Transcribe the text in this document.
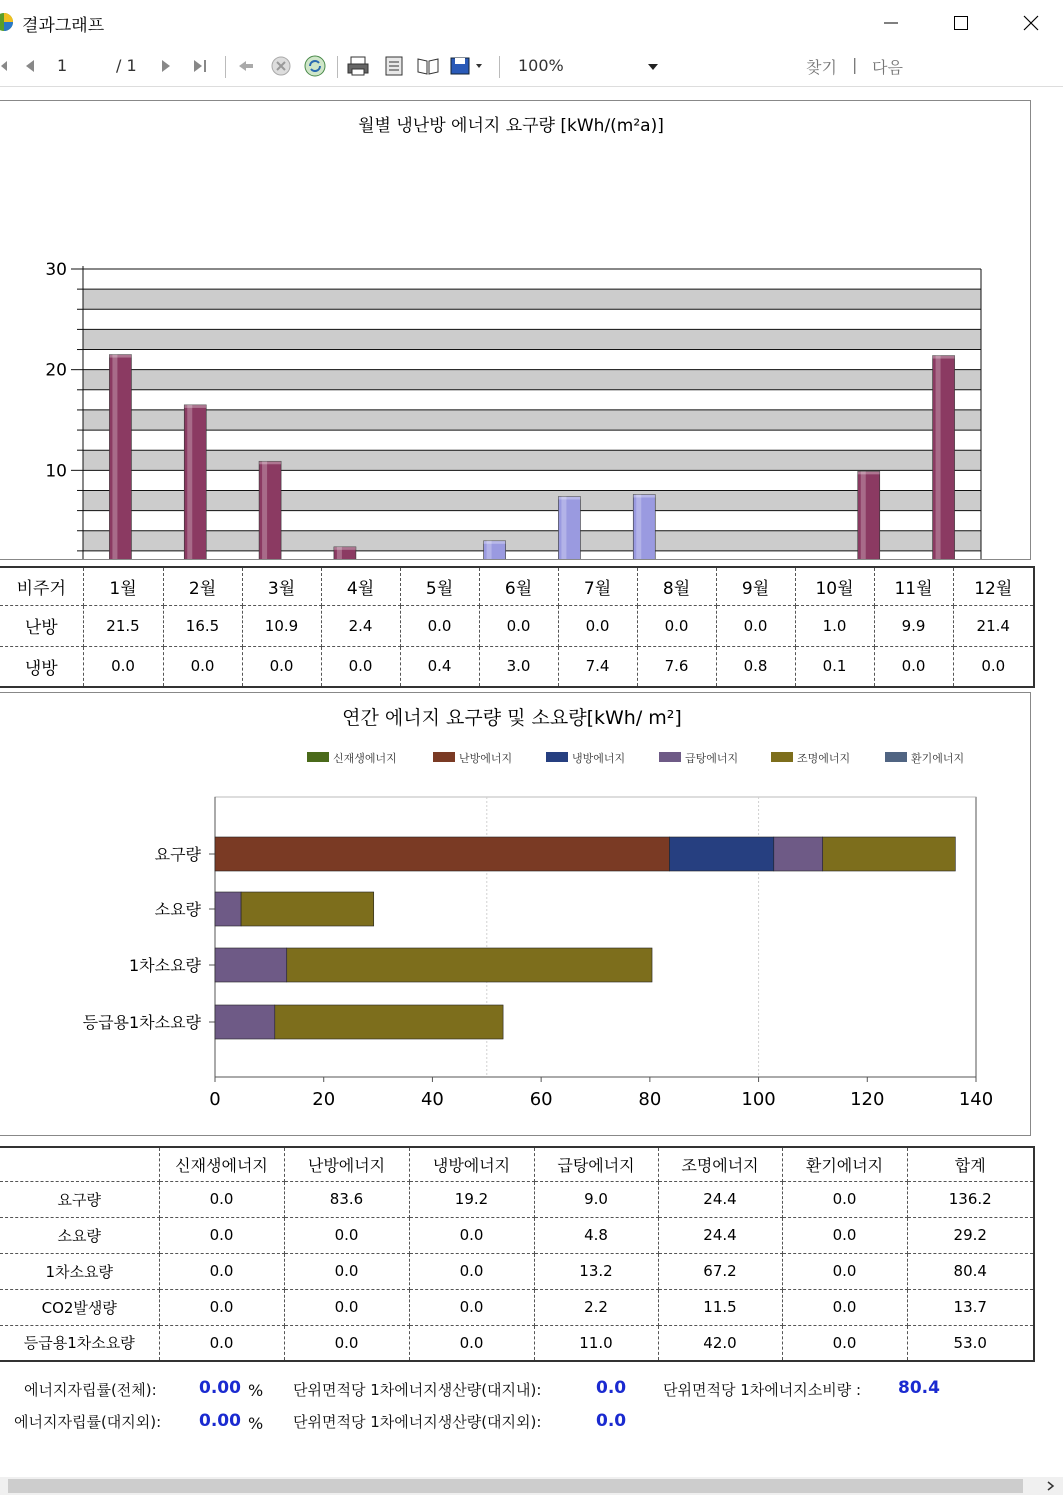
결과그래프
1	/ 1	100%	찾기 | 다음
월별 냉난방 에너지 요구량 [kWh/(m²a)]
10
20
30
비주거	1월	2월	3월	4월	5월	6월	7월	8월	9월	10월	11월	12월
난방	21.5	16.5	10.9	2.4	0.0	0.0	0.0	0.0	0.0	1.0	9.9	21.4
냉방	0.0	0.0	0.0	0.0	0.4	3.0	7.4	7.6	0.8	0.1	0.0	0.0
연간 에너지 요구량 및 소요량[kWh/ m²]
신재생에너지	난방에너지	냉방에너지	급탕에너지	조명에너지	환기에너지
0	20	40	60	80	100	120	140
요구량
소요량
1차소요량
등급용1차소요량
	신재생에너지	난방에너지	냉방에너지	급탕에너지	조명에너지	환기에너지	합계
요구량	0.0	83.6	19.2	9.0	24.4	0.0	136.2
소요량	0.0	0.0	0.0	4.8	24.4	0.0	29.2
1차소요량	0.0	0.0	0.0	13.2	67.2	0.0	80.4
CO2발생량	0.0	0.0	0.0	2.2	11.5	0.0	13.7
등급용1차소요량	0.0	0.0	0.0	11.0	42.0	0.0	53.0
에너지자립률(전체): 0.00 %
에너지자립률(대지외): 0.00 %
단위면적당 1차에너지생산량(대지내):	0.0
단위면적당 1차에너지생산량(대지외):	0.0
단위면적당 1차에너지소비량 : 80.4
